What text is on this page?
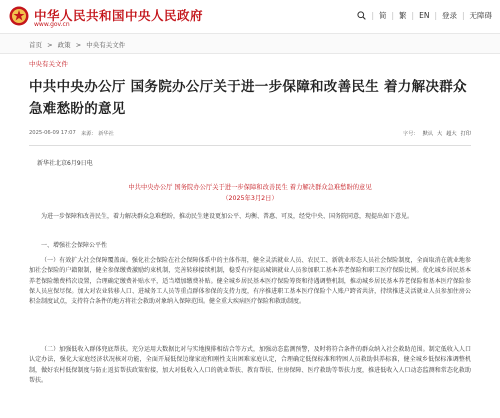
中华人民共和国中央人民政府
www.gov.cn
| 简 | 繁 | EN | 登录 | 无障碍
首页 > 政策 > 中央有关文件
中央有关文件
中共中央办公厅 国务院办公厅关于进一步保障和改善民生 着力解决群众急难愁盼的意见
2025-06-09 17:07 来源： 新华社	字号： 默认 大 超大 打印
新华社北京6月9日电
中共中央办公厅 国务院办公厅关于进一步保障和改善民生 着力解决群众急难愁盼的意见
（2025年3月2日）

为进一步保障和改善民生，着力解决群众急难愁盼，推动民生建设更加公平、均衡、普惠、可及，经党中央、国务院同意，现提出如下意见。

一、增强社会保障公平性

（一）有效扩大社会保障覆盖面。强化社会保险在社会保障体系中的主体作用，健全灵活就业人员、农民工、新就业形态人员社会保险制度，全面取消在就业地参加社会保险的户籍限制，健全参保缴费激励约束机制，完善转移接续机制，稳妥有序提高城镇就业人员参加职工基本养老保险和职工医疗保险比例。优化城乡居民基本养老保险缴费档次设置，合理确定缴费补贴水平，适当增加缴费补贴。健全城乡居民基本医疗保险筹资和待遇调整机制，推动城乡居民基本养老保险和基本医疗保险参保人员应保尽保。加大对农业转移人口、进城务工人员等重点群体参保的支持力度，有序推进职工基本医疗保险个人账户跨省共济，持续推进灵活就业人员参加住房公积金制度试点，支持符合条件的地方将社会救助对象纳入保障范围。健全重大疾病医疗保险和救助制度。

（二）加强低收入群体兜底帮扶。充分运用大数据比对与实地摸排相结合等方式，加强动态监测预警，及时将符合条件的群众纳入社会救助范围。制定低收入人口认定办法，强化大家庭经济状况核对功能，全面开展低保边缘家庭和刚性支出困难家庭认定，合理确定低保标准和特困人员救助供养标准，健全城乡低保标准调整机制，做好农村低保制度与防止返贫帮扶政策衔接，加大对低收入人口的就业帮扶、教育帮扶、住房保障、医疗救助等帮扶力度，推进低收入人口动态监测和常态化救助帮扶。
